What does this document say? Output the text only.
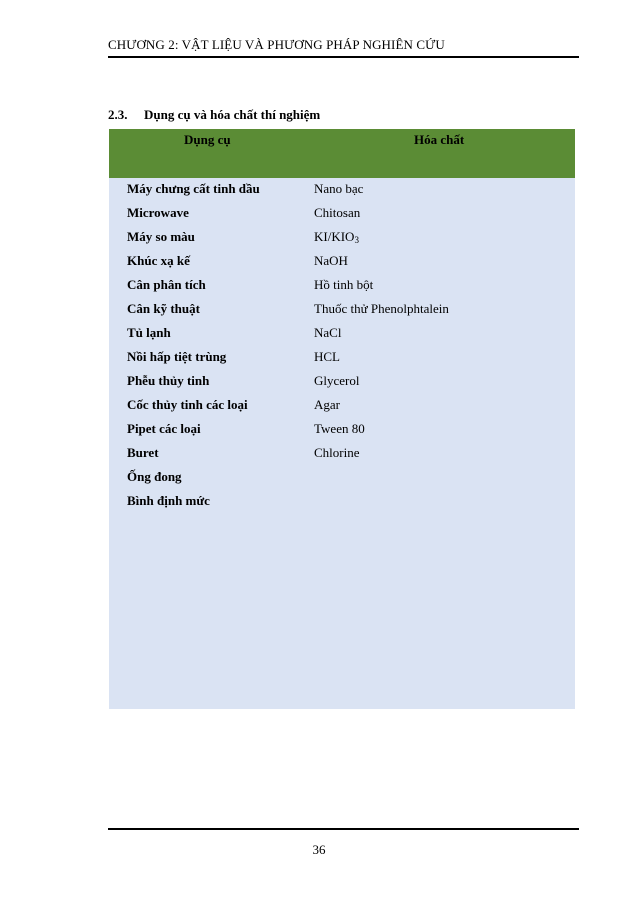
CHƯƠNG 2: VẬT LIỆU VÀ PHƯƠNG PHÁP NGHIÊN CỨU
2.3. Dụng cụ và hóa chất thí nghiệm
Dụng cụ	Hóa chất
Máy chưng cất tinh dầu	Nano bạc
Microwave	Chitosan
Máy so màu	$KI/KIO_3$
Khúc xạ kế	NaOH
Cân phân tích	Hồ tinh bột
Cân kỹ thuật	Thuốc thử Phenolphtalein
Tủ lạnh	NaCl
Nồi hấp tiệt trùng	HCL
Phễu thủy tinh	Glycerol
Cốc thủy tinh các loại	Agar
Pipet các loại	Tween 80
Buret	Chlorine
Ống đong
Bình định mức
36
